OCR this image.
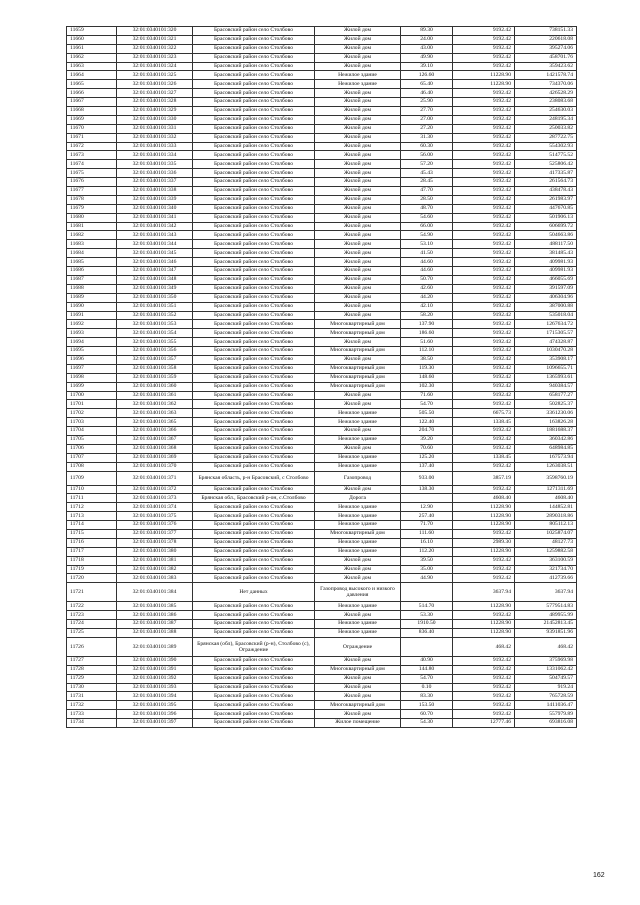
11659	32:01:0340101:320	Брасовский район село Столбово	Жилой дом	89.30	9192.42	738151.33
11660	32:01:0340101:321	Брасовский район село Столбово	Жилой дом	24.00	9192.42	220618.08
11661	32:01:0340101:322	Брасовский район село Столбово	Жилой дом	43.00	9192.42	395274.06
11662	32:01:0340101:323	Брасовский район село Столбово	Жилой дом	49.90	9192.42	458701.76
11663	32:01:0340101:324	Брасовский район село Столбово	Жилой дом	39.10	9192.42	359423.62
11664	32:01:0340101:325	Брасовский район село Столбово	Нежилое здание	126.60	11228.90	1421578.74
11665	32:01:0340101:326	Брасовский район село Столбово	Нежилое здание	65.40	11228.90	734370.06
11666	32:01:0340101:327	Брасовский район село Столбово	Жилой дом	46.40	9192.42	426528.29
11667	32:01:0340101:328	Брасовский район село Столбово	Жилой дом	25.90	9192.42	238083.68
11668	32:01:0340101:329	Брасовский район село Столбово	Жилой дом	27.70	9192.42	254630.03
11669	32:01:0340101:330	Брасовский район село Столбово	Жилой дом	27.00	9192.42	248195.34
11670	32:01:0340101:331	Брасовский район село Столбово	Жилой дом	27.20	9192.42	250033.82
11671	32:01:0340101:332	Брасовский район село Столбово	Жилой дом	31.30	9192.42	287722.75
11672	32:01:0340101:333	Брасовский район село Столбово	Жилой дом	60.30	9192.42	554302.93
11673	32:01:0340101:334	Брасовский район село Столбово	Жилой дом	56.00	9192.42	514775.52
11674	32:01:0340101:335	Брасовский район село Столбово	Жилой дом	57.20	9192.42	525806.42
11675	32:01:0340101:336	Брасовский район село Столбово	Жилой дом	45.43	9192.42	417335.87
11676	32:01:0340101:337	Брасовский район село Столбово	Жилой дом	28.45	9192.42	261564.73
11677	32:01:0340101:338	Брасовский район село Столбово	Жилой дом	47.70	9192.42	438478.43
11678	32:01:0340101:339	Брасовский район село Столбово	Жилой дом	28.50	9192.42	261983.97
11679	32:01:0340101:340	Брасовский район село Столбово	Жилой дом	48.70	9192.42	447670.85
11680	32:01:0340101:341	Брасовский район село Столбово	Жилой дом	54.60	9192.42	501906.13
11681	32:01:0340101:342	Брасовский район село Столбово	Жилой дом	66.00	9192.42	606699.72
11682	32:01:0340101:343	Брасовский район село Столбово	Жилой дом	54.90	9192.42	504663.86
11683	32:01:0340101:344	Брасовский район село Столбово	Жилой дом	53.10	9192.42	488117.50
11684	32:01:0340101:345	Брасовский район село Столбово	Жилой дом	41.50	9192.42	381485.43
11685	32:01:0340101:346	Брасовский район село Столбово	Жилой дом	44.60	9192.42	409981.93
11686	32:01:0340101:347	Брасовский район село Столбово	Жилой дом	44.60	9192.42	409981.93
11687	32:01:0340101:348	Брасовский район село Столбово	Жилой дом	50.70	9192.42	466055.69
11688	32:01:0340101:349	Брасовский район село Столбово	Жилой дом	42.60	9192.42	391597.09
11689	32:01:0340101:350	Брасовский район село Столбово	Жилой дом	44.20	9192.42	406304.96
11690	32:01:0340101:351	Брасовский район село Столбово	Жилой дом	42.10	9192.42	387000.88
11691	32:01:0340101:352	Брасовский район село Столбово	Жилой дом	58.20	9192.42	535018.04
11692	32:01:0340101:353	Брасовский район село Столбово	Многоквартирный дом	137.90	9192.42	1267634.72
11693	32:01:0340101:354	Брасовский район село Столбово	Многоквартирный дом	186.60	9192.42	1715305.57
11694	32:01:0340101:355	Брасовский район село Столбово	Жилой дом	51.60	9192.42	474328.87
11695	32:01:0340101:356	Брасовский район село Столбово	Многоквартирный дом	112.10	9192.42	1030470.28
11696	32:01:0340101:357	Брасовский район село Столбово	Жилой дом	38.50	9192.42	353908.17
11697	32:01:0340101:358	Брасовский район село Столбово	Многоквартирный дом	119.30	9192.42	1096655.71
11698	32:01:0340101:359	Брасовский район село Столбово	Многоквартирный дом	148.60	9192.42	1365993.61
11699	32:01:0340101:360	Брасовский район село Столбово	Многоквартирный дом	102.30	9192.42	940384.57
11700	32:01:0340101:361	Брасовский район село Столбово	Жилой дом	71.60	9192.42	658177.27
11701	32:01:0340101:362	Брасовский район село Столбово	Жилой дом	54.70	9192.42	502825.37
11702	32:01:0340101:363	Брасовский район село Столбово	Нежилое здание	505.50	6675.73	3361230.06
11703	32:01:0340101:365	Брасовский район село Столбово	Нежилое здание	122.40	1338.45	163826.28
11704	32:01:0340101:366	Брасовский район село Столбово	Жилой дом	204.70	9192.42	1881688.37
11705	32:01:0340101:367	Брасовский район село Столбово	Нежилое здание	39.20	9192.42	360342.86
11706	32:01:0340101:368	Брасовский район село Столбово	Жилой дом	70.60	9192.42	648984.85
11707	32:01:0340101:369	Брасовский район село Столбово	Нежилое здание	125.20	1338.45	167573.94
11708	32:01:0340101:370	Брасовский район село Столбово	Нежилое здание	137.40	9192.42	1263038.51
11709	32:01:0340101:371	Брянская область, р-н Брасовский, с Столбово	Газопровод	933.00	3857.19	3598760.19
11710	32:01:0340101:372	Брасовский район село Столбово	Жилой дом	138.30	9192.42	1271311.69
11711	32:01:0340101:373	Брянская обл., Брасовский р-он, с.Столбово	Дорога		4608.40	4608.40
11712	32:01:0340101:374	Брасовский район село Столбово	Нежилое здание	12.90	11228.90	144852.81
11713	32:01:0340101:375	Брасовский район село Столбово	Нежилое здание	257.40	11228.90	2890318.86
11714	32:01:0340101:376	Брасовский район село Столбово	Нежилое здание	71.70	11228.90	805112.13
11715	32:01:0340101:377	Брасовский район село Столбово	Многоквартирный дом	111.60	9192.42	1025874.07
11716	32:01:0340101:378	Брасовский район село Столбово	Нежилое здание	16.10	2989.30	48127.73
11717	32:01:0340101:380	Брасовский район село Столбово	Нежилое здание	112.20	11228.90	1259882.58
11718	32:01:0340101:381	Брасовский район село Столбово	Жилой дом	39.50	9192.42	363100.59
11719	32:01:0340101:382	Брасовский район село Столбово	Жилой дом	35.00	9192.42	321734.70
11720	32:01:0340101:383	Брасовский район село Столбово	Жилой дом	44.90	9192.42	412739.66
11721	32:01:0340101:384	Нет данных	Газопровод высокого и низкого давления		3637.94	3637.94
11722	32:01:0340101:385	Брасовский район село Столбово	Нежилое здание	514.70	11228.90	5779514.83
11723	32:01:0340101:386	Брасовский район село Столбово	Жилой дом	53.30	9192.42	489955.99
11724	32:01:0340101:387	Брасовский район село Столбово	Нежилое здание	1910.50	11228.90	21452813.45
11725	32:01:0340101:388	Брасовский район село Столбово	Нежилое здание	836.40	11228.90	9391851.96
11726	32:01:0340101:389	Брянская (обл), Брасовский (р-н), Столбово (с), Ограждение	Ограждение		468.42	468.42
11727	32:01:0340101:390	Брасовский район село Столбово	Жилой дом	40.90	9192.42	375969.98
11728	32:01:0340101:391	Брасовский район село Столбово	Многоквартирный дом	144.80	9192.42	1331062.42
11729	32:01:0340101:392	Брасовский район село Столбово	Жилой дом	54.70	9192.42	504749.57
11730	32:01:0340101:393	Брасовский район село Столбово	Жилой дом	0.10	9192.42	919.24
11731	32:01:0340101:394	Брасовский район село Столбово	Жилой дом	83.30	9192.42	765728.59
11732	32:01:0340101:395	Брасовский район село Столбово	Многоквартирный дом	153.50	9192.42	1411036.47
11733	32:01:0340101:396	Брасовский район село Столбово	Жилой дом	60.70	9192.42	557979.89
11734	32:01:0340101:397	Брасовский район село Столбово	Жилое помещение	54.30	12777.46	693816.08
162
